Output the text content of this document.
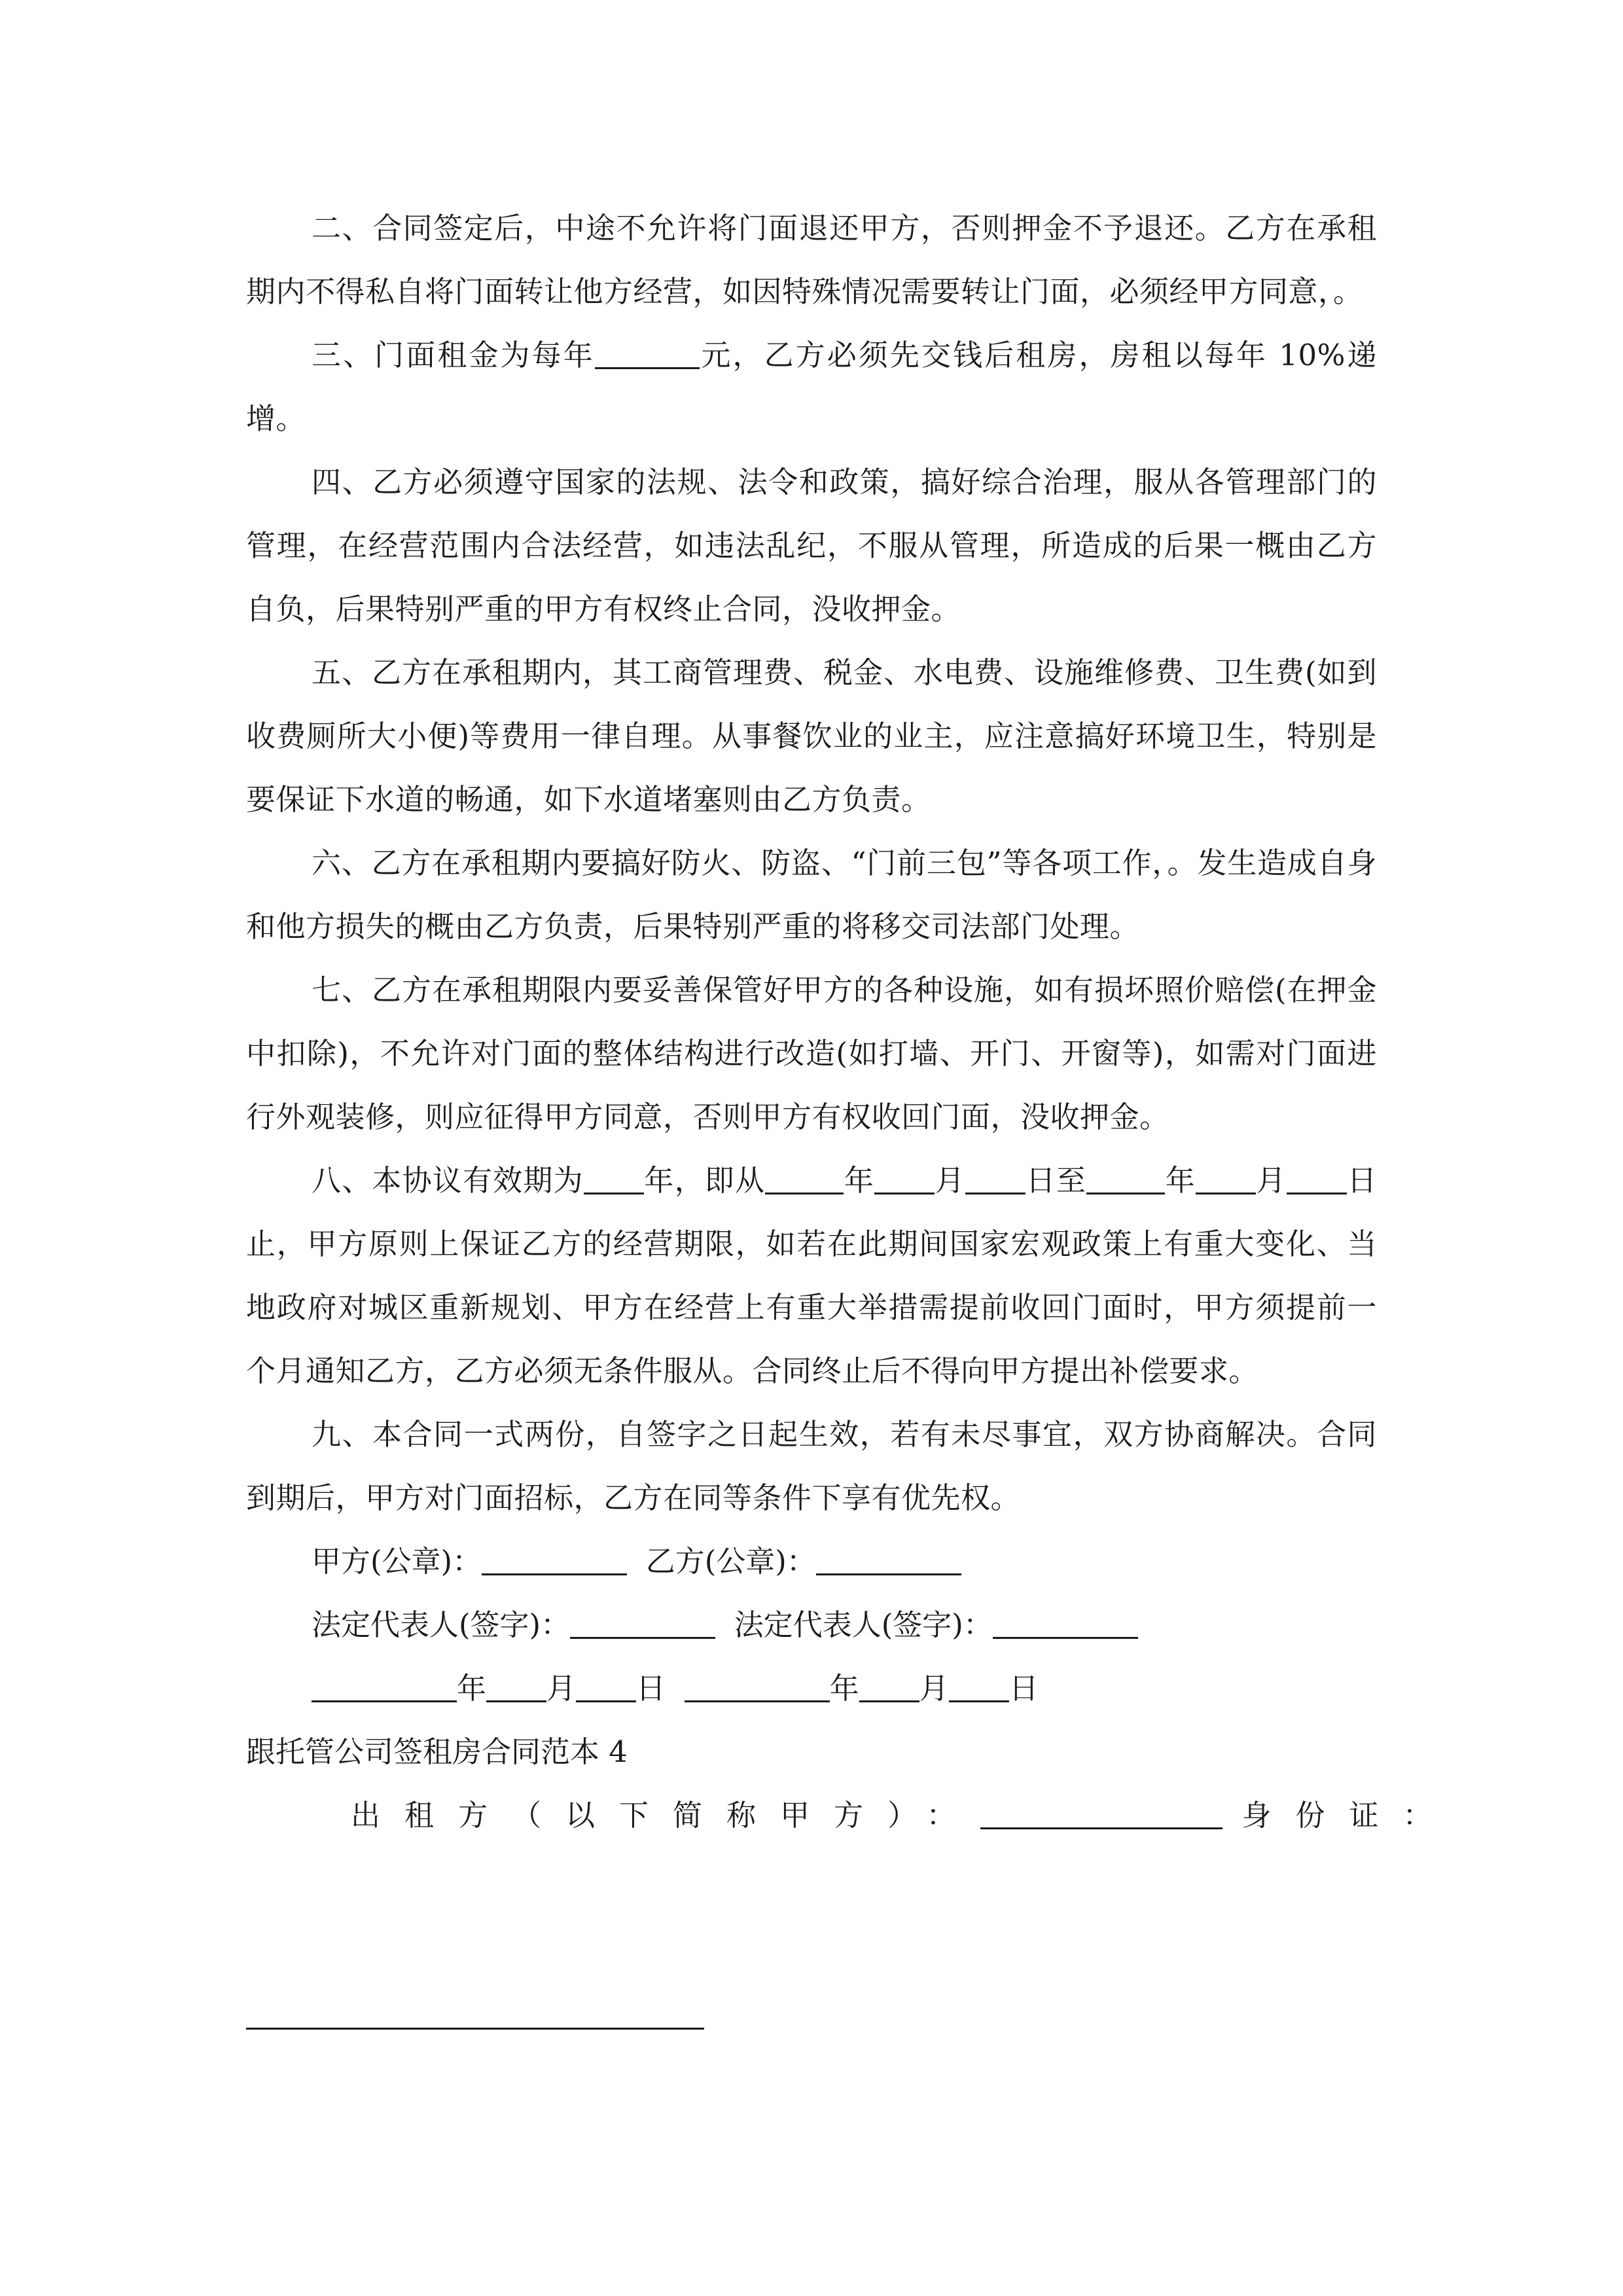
二、合同签定后，中途不允许将门面退还甲方，否则押金不予退还。乙方在承租期内不得私自将门面转让他方经营，如因特殊情况需要转让门面，必须经甲方同意，。

三、门面租金为每年	元，乙方必须先交钱后租房，房租以每年 10%递增。

四、乙方必须遵守国家的法规、法令和政策，搞好综合治理，服从各管理部门的管理，在经营范围内合法经营，如违法乱纪，不服从管理，所造成的后果一概由乙方自负，后果特别严重的甲方有权终止合同，没收押金。

五、乙方在承租期内，其工商管理费、税金、水电费、设施维修费、卫生费(如到收费厕所大小便)等费用一律自理。从事餐饮业的业主，应注意搞好环境卫生，特别是要保证下水道的畅通，如下水道堵塞则由乙方负责。

六、乙方在承租期内要搞好防火、防盗、“门前三包”等各项工作，。发生造成自身和他方损失的概由乙方负责，后果特别严重的将移交司法部门处理。

七、乙方在承租期限内要妥善保管好甲方的各种设施，如有损坏照价赔偿(在押金中扣除)，不允许对门面的整体结构进行改造(如打墙、开门、开窗等)，如需对门面进行外观装修，则应征得甲方同意，否则甲方有权收回门面，没收押金。

八、本协议有效期为 年，即从	年 月 日至	年 月 日止，甲方原则上保证乙方的经营期限，如若在此期间国家宏观政策上有重大变化、当地政府对城区重新规划、甲方在经营上有重大举措需提前收回门面时，甲方须提前一个月通知乙方，乙方必须无条件服从。合同终止后不得向甲方提出补偿要求。

九、本合同一式两份，自签字之日起生效，若有未尽事宜，双方协商解决。合同到期后，甲方对门面招标，乙方在同等条件下享有优先权。

甲方(公章)：	乙方(公章)：

法定代表人(签字)：	法定代表人(签字)：

年 月 日	年 月 日

跟托管公司签租房合同范本 4

出租方（以下简称甲方）：	身份证：
